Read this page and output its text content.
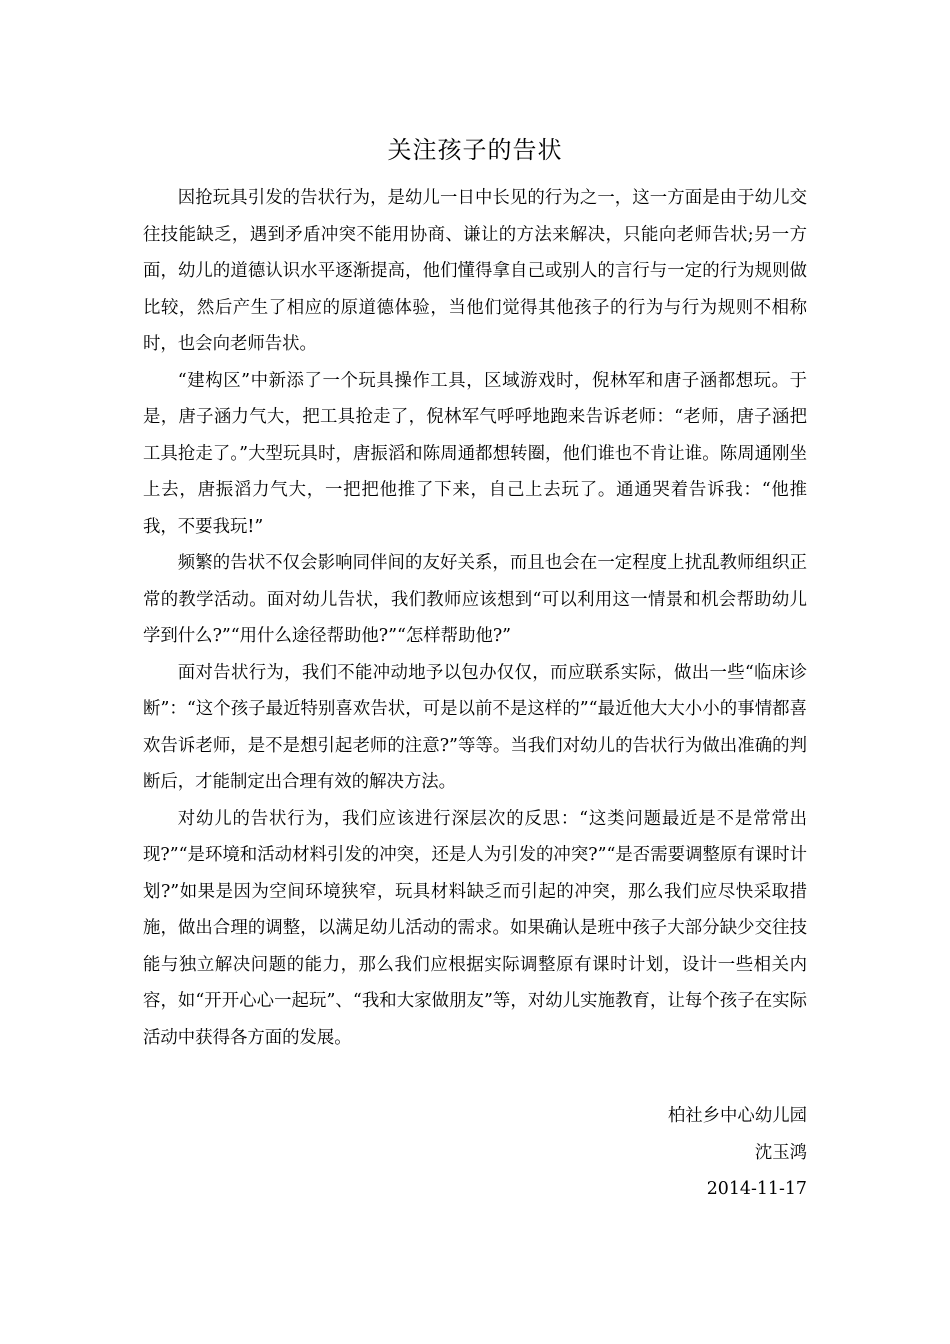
关注孩子的告状

因抢玩具引发的告状行为，是幼儿一日中长见的行为之一，这一方面是由于幼儿交往技能缺乏，遇到矛盾冲突不能用协商、谦让的方法来解决，只能向老师告状;另一方面，幼儿的道德认识水平逐渐提高，他们懂得拿自己或别人的言行与一定的行为规则做比较，然后产生了相应的原道德体验，当他们觉得其他孩子的行为与行为规则不相称时，也会向老师告状。

“建构区”中新添了一个玩具操作工具，区域游戏时，倪林军和唐子涵都想玩。于是，唐子涵力气大，把工具抢走了，倪林军气呼呼地跑来告诉老师：“老师，唐子涵把工具抢走了。”大型玩具时，唐振滔和陈周通都想转圈，他们谁也不肯让谁。陈周通刚坐上去，唐振滔力气大，一把把他推了下来，自己上去玩了。通通哭着告诉我：“他推我，不要我玩!”

频繁的告状不仅会影响同伴间的友好关系，而且也会在一定程度上扰乱教师组织正常的教学活动。面对幼儿告状，我们教师应该想到“可以利用这一情景和机会帮助幼儿学到什么?”“用什么途径帮助他?”“怎样帮助他?”

面对告状行为，我们不能冲动地予以包办仅仅，而应联系实际，做出一些“临床诊断”：“这个孩子最近特别喜欢告状，可是以前不是这样的”“最近他大大小小的事情都喜欢告诉老师，是不是想引起老师的注意?”等等。当我们对幼儿的告状行为做出准确的判断后，才能制定出合理有效的解决方法。

对幼儿的告状行为，我们应该进行深层次的反思：“这类问题最近是不是常常出现?”“是环境和活动材料引发的冲突，还是人为引发的冲突?”“是否需要调整原有课时计划?”如果是因为空间环境狭窄，玩具材料缺乏而引起的冲突，那么我们应尽快采取措施，做出合理的调整，以满足幼儿活动的需求。如果确认是班中孩子大部分缺少交往技能与独立解决问题的能力，那么我们应根据实际调整原有课时计划，设计一些相关内容，如“开开心心一起玩”、“我和大家做朋友”等，对幼儿实施教育，让每个孩子在实际活动中获得各方面的发展。

柏社乡中心幼儿园
沈玉鸿
2014-11-17
